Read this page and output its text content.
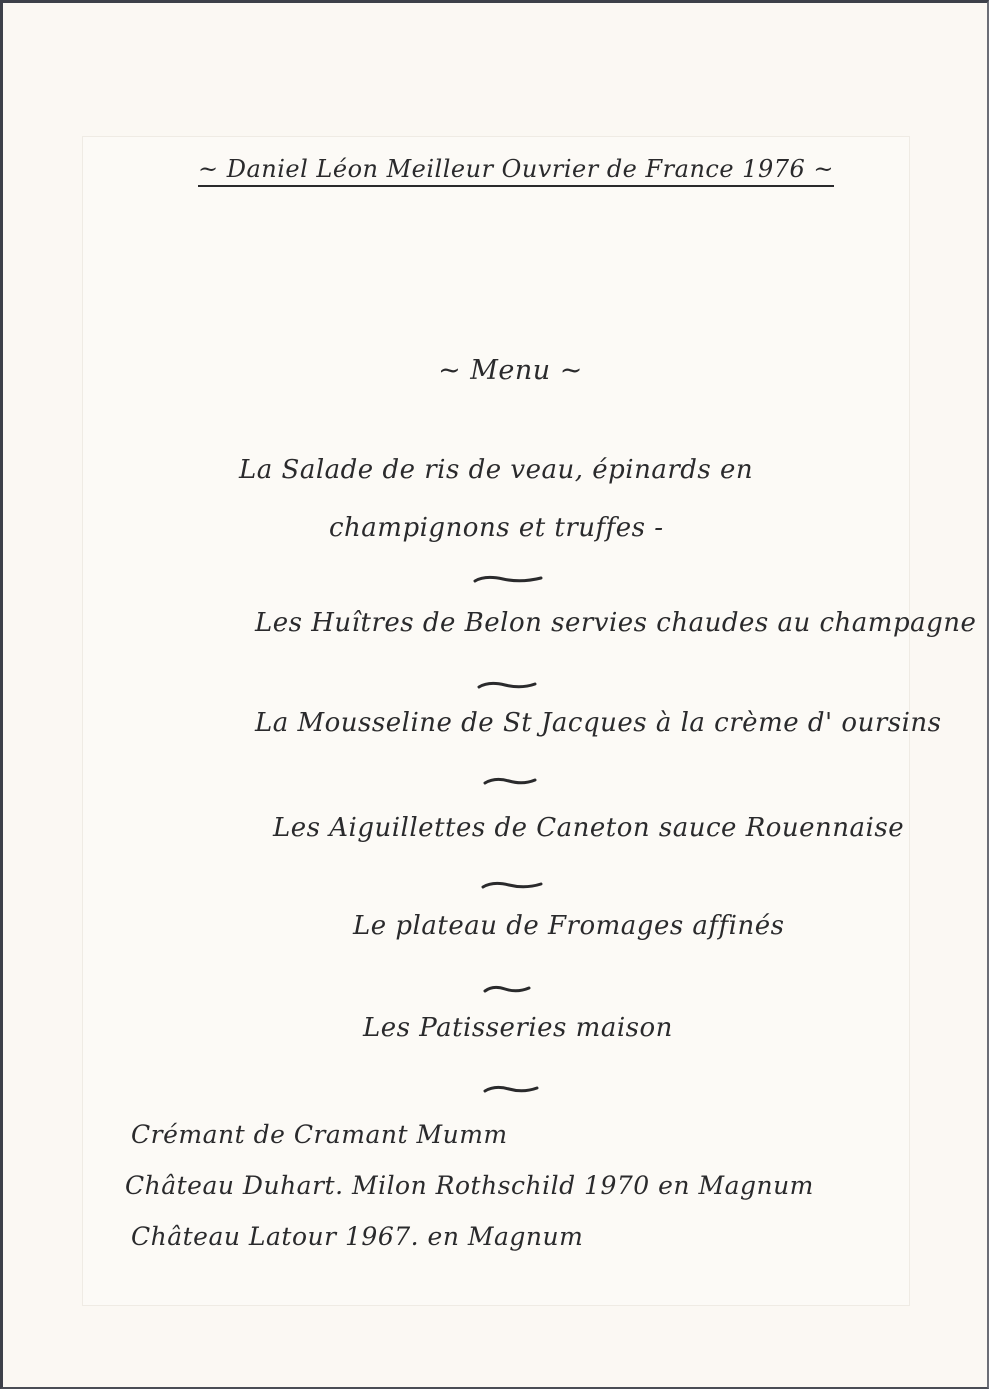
~ Daniel Léon Meilleur Ouvrier de France 1976 ~
~ Menu ~
La Salade de ris de veau, épinards en
champignons et truffes -
Les Huîtres de Belon servies chaudes au champagne
La Mousseline de St Jacques à la crème d' oursins
Les Aiguillettes de Caneton sauce Rouennaise
Le plateau de Fromages affinés
Les Patisseries maison
Crémant de Cramant Mumm
Château Duhart. Milon Rothschild 1970 en Magnum
Château Latour 1967. en Magnum
